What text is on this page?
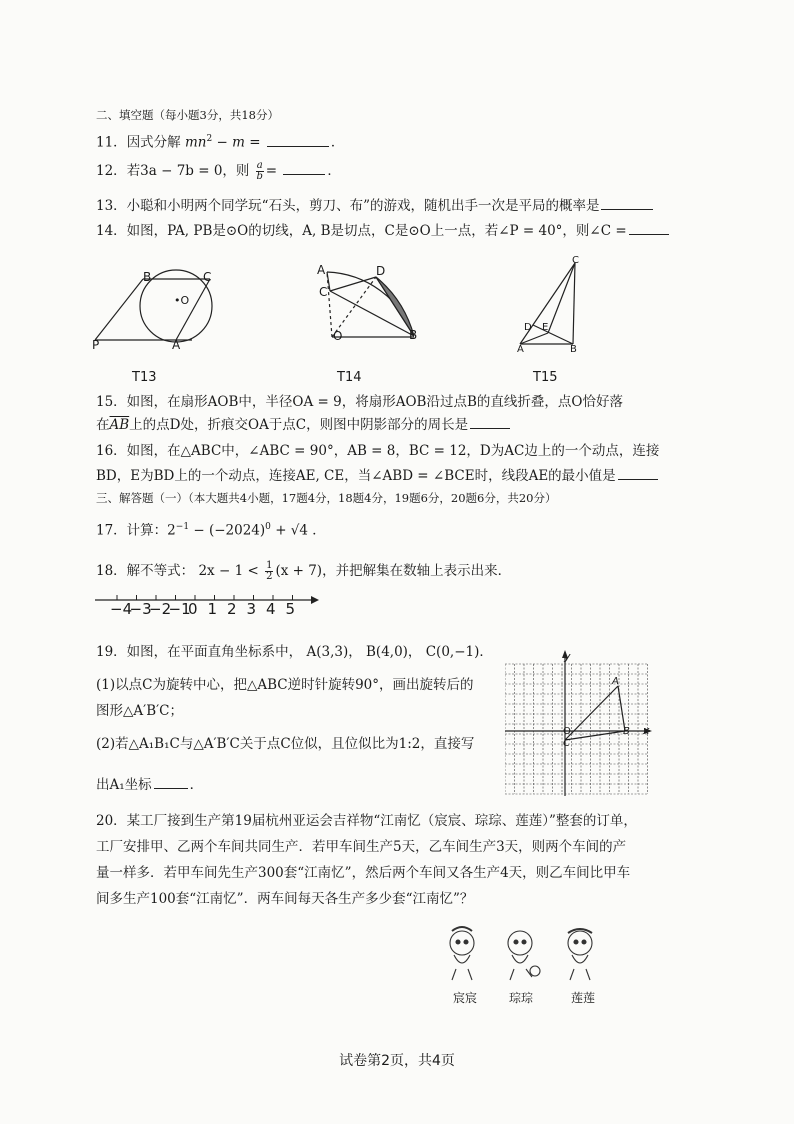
二、填空题（每小题3分，共18分）
11．因式分解 $mn^2 - m$ =	．
12．若3a − 7b = 0，则 $\frac{a}{b}$ =	．
13．小聪和小明两个同学玩“石头，剪刀、布”的游戏，随机出手一次是平局的概率是
14．如图，PA, PB是⊙O的切线，A, B是切点，C是⊙O上一点，若∠P = 40°，则∠C =
B	C
•O
P	A
T13
A	D
C
O	B
T14
C
D E
A	B
T15
15．如图，在扇形AOB中，半径OA = 9，将扇形AOB沿过点B的直线折叠，点O恰好落
在$\overline{AB}$上的点D处，折痕交OA于点C，则图中阴影部分的周长是
16．如图，在△ABC中，∠ABC = 90°，AB = 8，BC = 12，D为AC边上的一个动点，连接
BD，E为BD上的一个动点，连接AE, CE，当∠ABD = ∠BCE时，线段AE的最小值是
三、解答题（一）（本大题共4小题，17题4分，18题4分，19题6分，20题6分，共20分）
17．计算：$2^{-1} - (-2024)^0 + √4$ ．
18．解不等式： $2x - 1 < \frac{1}{2} (x + 7)$，并把解集在数轴上表示出来．
−4
−3
−2
−1
0 1 2 3 4 5
19．如图，在平面直角坐标系中， A(3,3)， B(4,0)， C(0,−1)．
(1)以点C为旋转中心，把△ABC逆时针旋转90°，画出旋转后的
图形△A′B′C；
(2)若△A₁B₁C与△A′B′C关于点C位似，且位似比为1:2，直接写
出A₁坐标	．
y
x
O
A
B
C
20．某工厂接到生产第19届杭州亚运会吉祥物“江南忆（宸宸、琮琮、莲莲）”整套的订单，
工厂安排甲、乙两个车间共同生产．若甲车间生产5天，乙车间生产3天，则两个车间的产
量一样多．若甲车间先生产300套“江南忆”，然后两个车间又各生产4天，则乙车间比甲车
间多生产100套“江南忆”．两车间每天各生产多少套“江南忆”？
宸宸	琮琮	莲莲
试卷第2页，共4页
